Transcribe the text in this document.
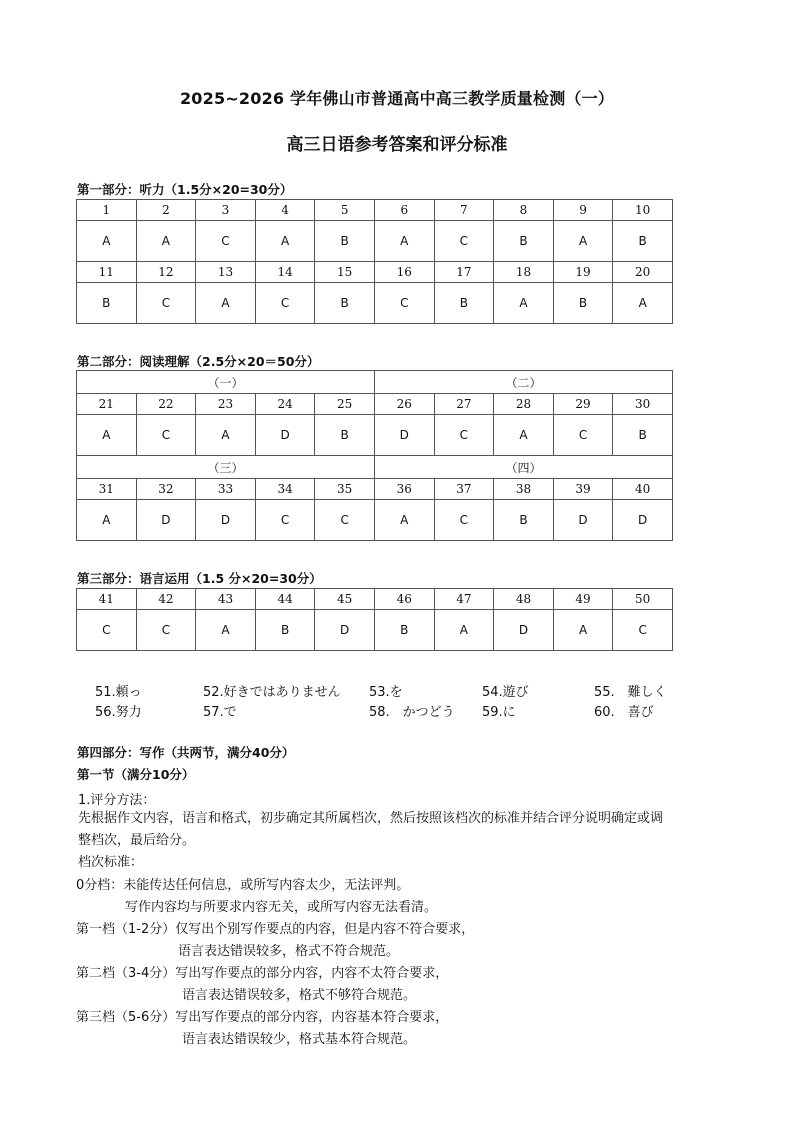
2025~2026 学年佛山市普通高中高三教学质量检测（一）
高三日语参考答案和评分标准
第一部分：听力（1.5分×20=30分）
1	2	3	4	5	6	7	8	9	10
A	A	C	A	B	A	C	B	A	B
11	12	13	14	15	16	17	18	19	20
B	C	A	C	B	C	B	A	B	A
第二部分：阅读理解（2.5分×20＝50分）
（一）					（二）				
21	22	23	24	25	26	27	28	29	30
A	C	A	D	B	D	C	A	C	B
（三）					（四）				
31	32	33	34	35	36	37	38	39	40
A	D	D	C	C	A	C	B	D	D
第三部分：语言运用（1.5 分×20=30分）
41	42	43	44	45	46	47	48	49	50
C	C	A	B	D	B	A	D	A	C
51.頼っ	52.好きではありません 53.を	54.遊び	55.　難しく
56.努力	57.で	58.　かつどう 59.に	60.　喜び
第四部分：写作（共两节，满分40分）
第一节（满分10分）
1.评分方法：
先根据作文内容，语言和格式，初步确定其所属档次，然后按照该档次的标准并结合评分说明确定或调
整档次，最后给分。
档次标准：
0分档：未能传达任何信息，或所写内容太少，无法评判。
写作内容均与所要求内容无关，或所写内容无法看清。
第一档（1-2分）仅写出个别写作要点的内容，但是内容不符合要求，
语言表达错误较多，格式不符合规范。
第二档（3-4分）写出写作要点的部分内容，内容不太符合要求，
语言表达错误较多，格式不够符合规范。
第三档（5-6分）写出写作要点的部分内容，内容基本符合要求，
语言表达错误较少，格式基本符合规范。
